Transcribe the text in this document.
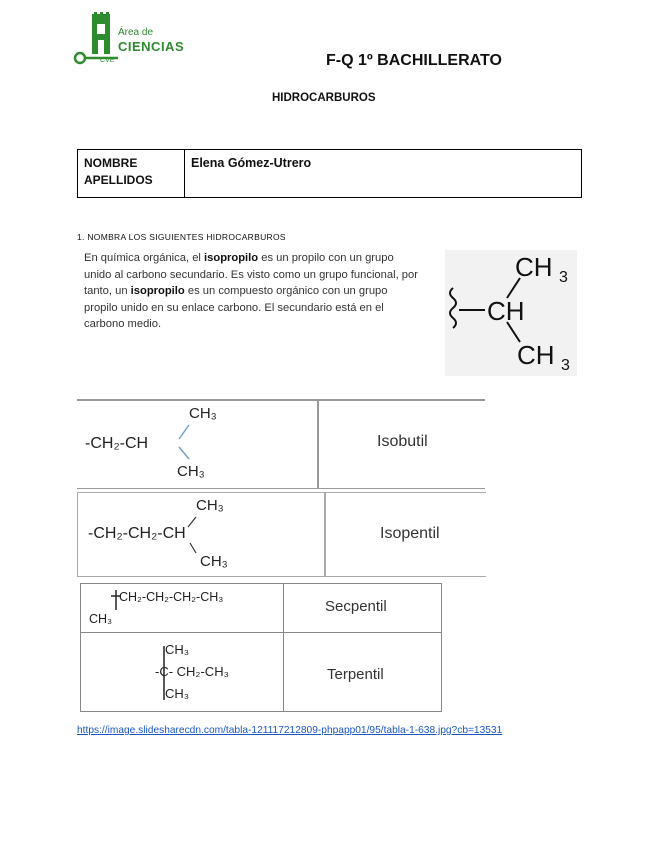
Área de
CIENCIAS
CVE	F-Q 1º BACHILLERATO
HIDROCARBUROS
NOMBRE
APELLIDOS
Elena Gómez-Utrero
1. NOMBRA LOS SIGUIENTES HIDROCARBUROS
En química orgánica, el isopropilo es un propilo con un grupo unido al carbono secundario. Es visto como un grupo funcional, por tanto, un isopropilo es un compuesto orgánico con un grupo propilo unido en su enlace carbono. El secundario está en el carbono medio.
CH 3
CH
CH 3
CH₃
-CH₂-CH
CH₃
Isobutil
CH₃
-CH₂-CH₂-CH
CH₃
Isopentil
CH₂-CH₂-CH₂-CH₃
CH₃
Secpentil
CH₃
-C- CH₂-CH₃
CH₃
Terpentil
https://image.slidesharecdn.com/tabla-121117212809-phpapp01/95/tabla-1-638.jpg?cb=13531
